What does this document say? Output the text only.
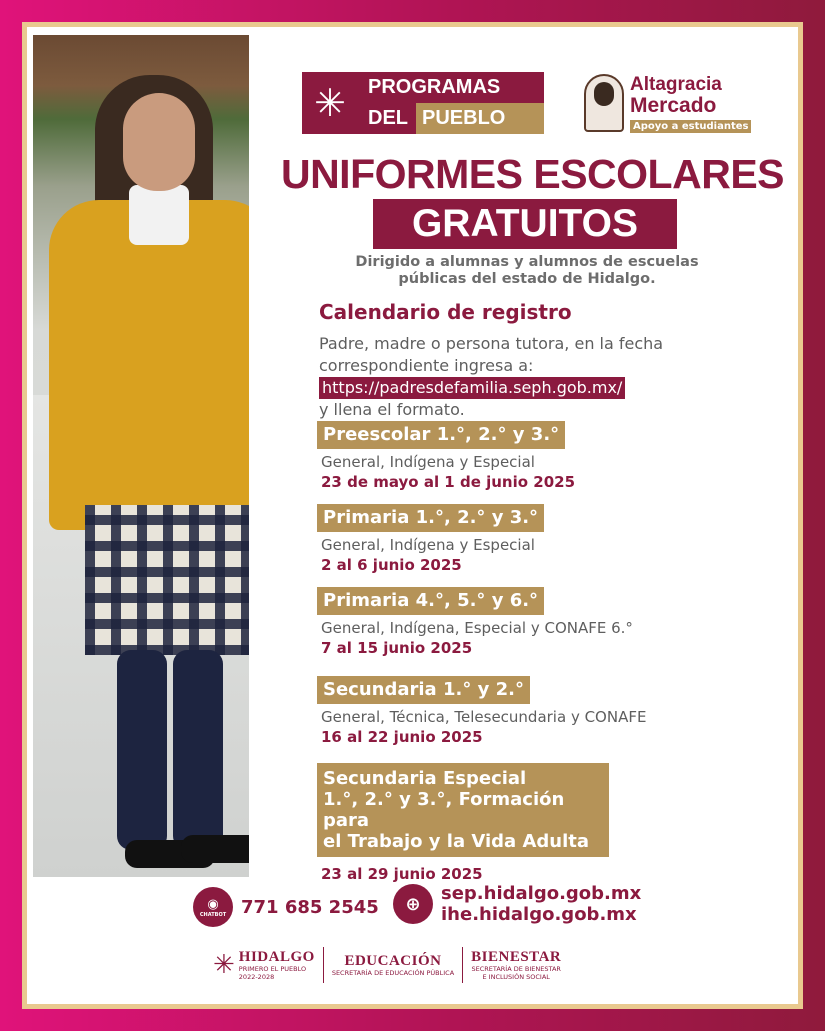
✳	PROGRAMAS
DEL PUEBLO
Altagracia
Mercado
Apoyo a estudiantes
UNIFORMES ESCOLARES
GRATUITOS
Dirigido a alumnas y alumnos de escuelas públicas del estado de Hidalgo.
Calendario de registro
Padre, madre o persona tutora, en la fecha correspondiente ingresa a:
https://padresdefamilia.seph.gob.mx/
y llena el formato.
Preescolar 1.°, 2.° y 3.°
General, Indígena y Especial
23 de mayo al 1 de junio 2025
Primaria 1.°, 2.° y 3.°
General, Indígena y Especial
2 al 6 junio 2025
Primaria 4.°, 5.° y 6.°
General, Indígena, Especial y CONAFE 6.°
7 al 15 junio 2025
Secundaria 1.° y 2.°
General, Técnica, Telesecundaria y CONAFE
16 al 22 junio 2025
Secundaria Especial
1.°, 2.° y 3.°, Formación para
el Trabajo y la Vida Adulta
23 al 29 junio 2025
◉
CHATBOT 771 685 2545	⊕	sep.hidalgo.gob.mx
ihe.hidalgo.gob.mx
✳ HIDALGO
PRIMERO EL PUEBLO
2022-2028
EDUCACIÓN
SECRETARÍA DE EDUCACIÓN PÚBLICA
BIENESTAR
SECRETARÍA DE BIENESTAR
E INCLUSIÓN SOCIAL
